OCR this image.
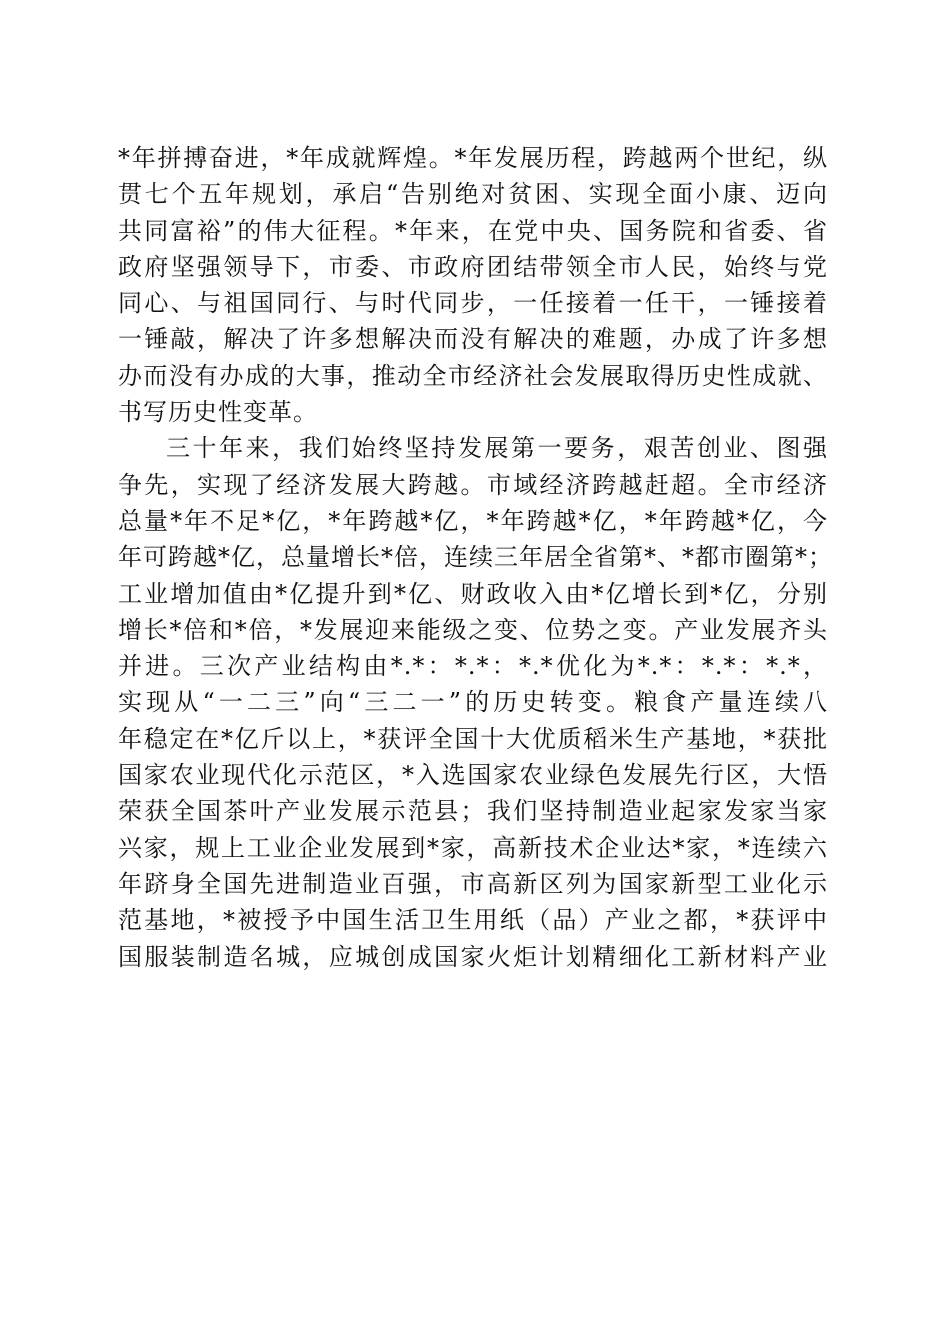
*年拼搏奋进，*年成就辉煌。*年发展历程，跨越两个世纪，纵
贯七个五年规划，承启“告别绝对贫困、实现全面小康、迈向
共同富裕”的伟大征程。*年来，在党中央、国务院和省委、省
政府坚强领导下，市委、市政府团结带领全市人民，始终与党
同心、与祖国同行、与时代同步，一任接着一任干，一锤接着
一锤敲，解决了许多想解决而没有解决的难题，办成了许多想
办而没有办成的大事，推动全市经济社会发展取得历史性成就、
书写历史性变革。
三十年来，我们始终坚持发展第一要务，艰苦创业、图强
争先，实现了经济发展大跨越。市域经济跨越赶超。全市经济
总量*年不足*亿，*年跨越*亿，*年跨越*亿，*年跨越*亿，今
年可跨越*亿，总量增长*倍，连续三年居全省第*、*都市圈第*；
工业增加值由*亿提升到*亿、财政收入由*亿增长到*亿，分别
增长*倍和*倍，*发展迎来能级之变、位势之变。产业发展齐头
并进。三次产业结构由*.*：*.*：*.*优化为*.*：*.*：*.*，
实现从“一二三”向“三二一”的历史转变。粮食产量连续八
年稳定在*亿斤以上，*获评全国十大优质稻米生产基地，*获批
国家农业现代化示范区，*入选国家农业绿色发展先行区，大悟
荣获全国茶叶产业发展示范县；我们坚持制造业起家发家当家
兴家，规上工业企业发展到*家，高新技术企业达*家，*连续六
年跻身全国先进制造业百强，市高新区列为国家新型工业化示
范基地，*被授予中国生活卫生用纸（品）产业之都，*获评中
国服装制造名城，应城创成国家火炬计划精细化工新材料产业
